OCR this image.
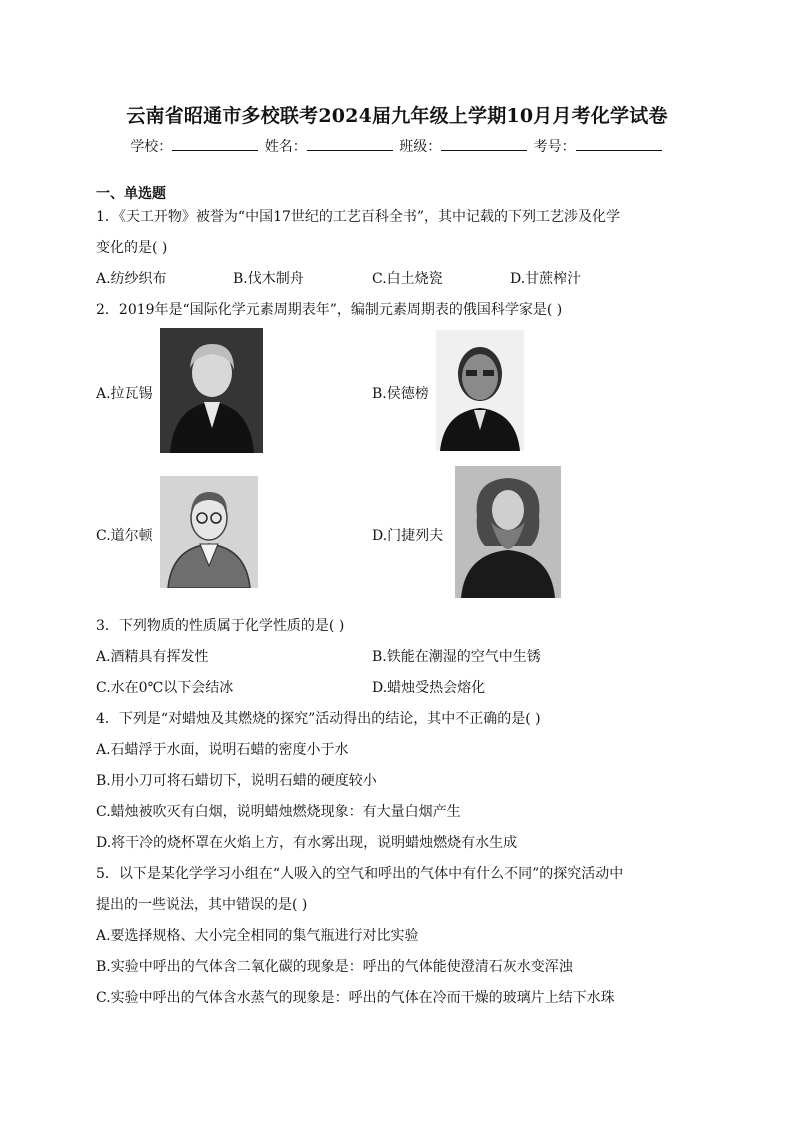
云南省昭通市多校联考2024届九年级上学期10月月考化学试卷
学校：	姓名：	班级：	考号：
一、单选题
1．《天工开物》被誉为“中国17世纪的工艺百科全书”，其中记载的下列工艺涉及化学
变化的是( )
A.纺纱织布	B.伐木制舟	C.白土烧瓷	D.甘蔗榨汁
2．2019年是“国际化学元素周期表年”，编制元素周期表的俄国科学家是( )
A.拉瓦锡	B.侯德榜
C.道尔顿	D.门捷列夫
3．下列物质的性质属于化学性质的是( )
A.酒精具有挥发性	B.铁能在潮湿的空气中生锈
C.水在0℃以下会结冰	D.蜡烛受热会熔化
4．下列是“对蜡烛及其燃烧的探究”活动得出的结论，其中不正确的是( )
A.石蜡浮于水面，说明石蜡的密度小于水
B.用小刀可将石蜡切下，说明石蜡的硬度较小
C.蜡烛被吹灭有白烟，说明蜡烛燃烧现象：有大量白烟产生
D.将干冷的烧杯罩在火焰上方，有水雾出现，说明蜡烛燃烧有水生成
5．以下是某化学学习小组在“人吸入的空气和呼出的气体中有什么不同”的探究活动中
提出的一些说法，其中错误的是( )
A.要选择规格、大小完全相同的集气瓶进行对比实验
B.实验中呼出的气体含二氧化碳的现象是：呼出的气体能使澄清石灰水变浑浊
C.实验中呼出的气体含水蒸气的现象是：呼出的气体在冷而干燥的玻璃片上结下水珠
